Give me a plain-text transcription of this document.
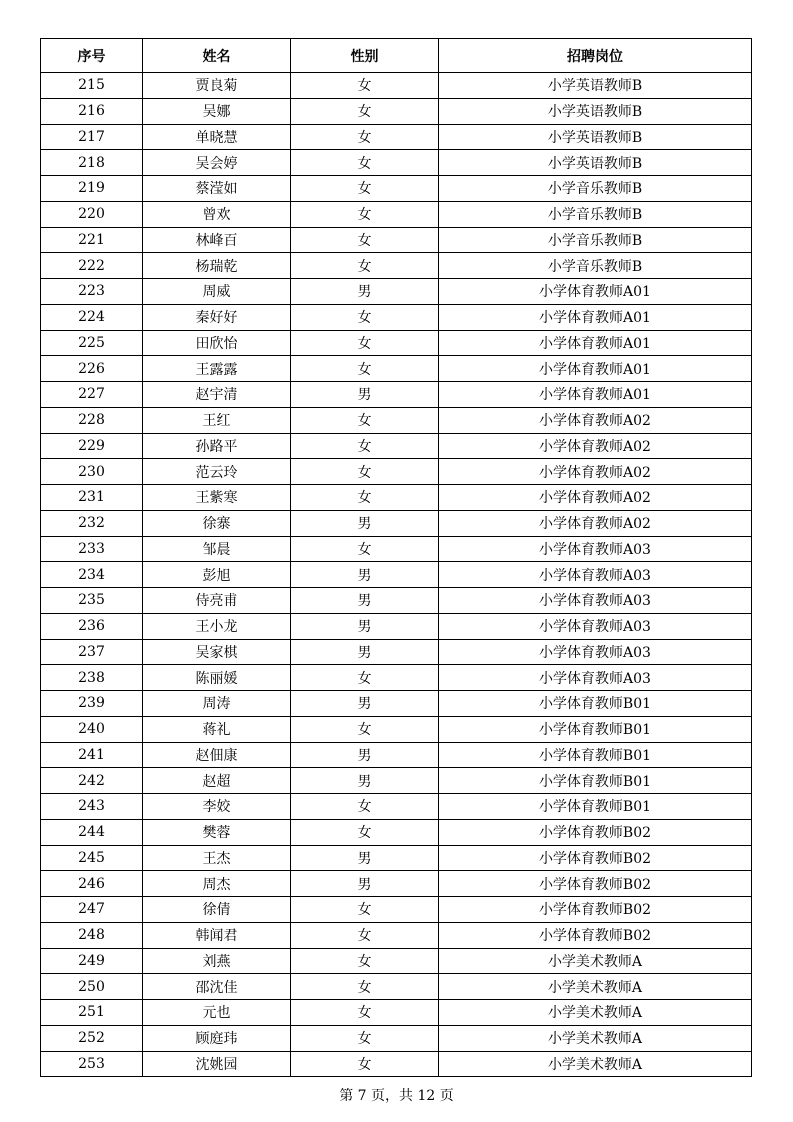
序号	姓名	性别	招聘岗位
215	贾良菊	女	小学英语教师B
216	吴娜	女	小学英语教师B
217	单晓慧	女	小学英语教师B
218	吴会婷	女	小学英语教师B
219	蔡滢如	女	小学音乐教师B
220	曾欢	女	小学音乐教师B
221	林峰百	女	小学音乐教师B
222	杨瑞乾	女	小学音乐教师B
223	周威	男	小学体育教师A01
224	秦好好	女	小学体育教师A01
225	田欣怡	女	小学体育教师A01
226	王露露	女	小学体育教师A01
227	赵宇清	男	小学体育教师A01
228	王红	女	小学体育教师A02
229	孙路平	女	小学体育教师A02
230	范云玲	女	小学体育教师A02
231	王紫寒	女	小学体育教师A02
232	徐寨	男	小学体育教师A02
233	邹晨	女	小学体育教师A03
234	彭旭	男	小学体育教师A03
235	侍亮甫	男	小学体育教师A03
236	王小龙	男	小学体育教师A03
237	吴家棋	男	小学体育教师A03
238	陈丽媛	女	小学体育教师A03
239	周涛	男	小学体育教师B01
240	蒋礼	女	小学体育教师B01
241	赵佃康	男	小学体育教师B01
242	赵超	男	小学体育教师B01
243	李姣	女	小学体育教师B01
244	樊蓉	女	小学体育教师B02
245	王杰	男	小学体育教师B02
246	周杰	男	小学体育教师B02
247	徐倩	女	小学体育教师B02
248	韩闻君	女	小学体育教师B02
249	刘燕	女	小学美术教师A
250	邵沈佳	女	小学美术教师A
251	元也	女	小学美术教师A
252	顾庭玮	女	小学美术教师A
253	沈姚园	女	小学美术教师A
第 7 页，共 12 页
